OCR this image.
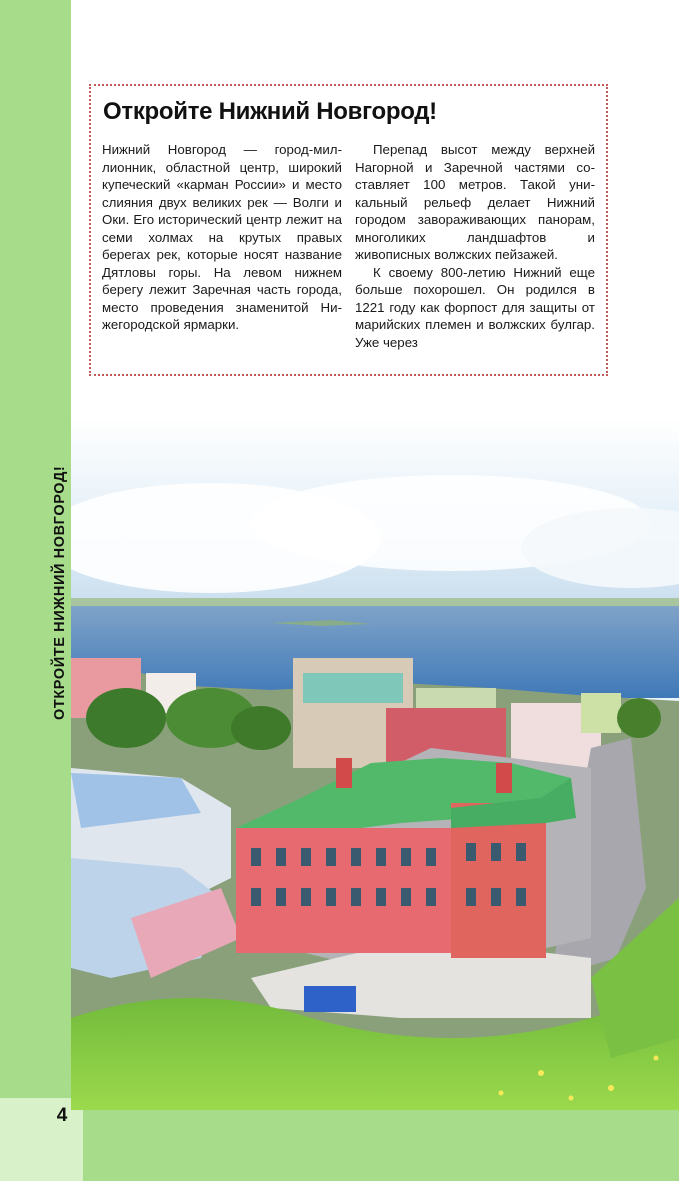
4
ОТКРОЙТЕ НИЖНИЙ НОВГОРОД!
Откройте Нижний Новгород!

Нижний Новгород — город-миллионник, областной центр, широкий купеческий «карман России» и место слияния двух великих рек — Волги и Оки. Его исторический центр лежит на семи холмах на крутых правых берегах рек, которые носят название Дятловы горы. На левом нижнем берегу лежит Заречная часть города, место проведения знаменитой Нижегородской ярмарки.

Перепад высот между верхней Нагорной и Заречной частями составляет 100 метров. Такой уникальный рельеф делает Нижний городом завораживающих панорам, многоликих ландшафтов и живописных волжских пейзажей.

К своему 800-летию Нижний еще больше похорошел. Он родился в 1221 году как форпост для защиты от марийских племен и волжских булгар. Уже через
